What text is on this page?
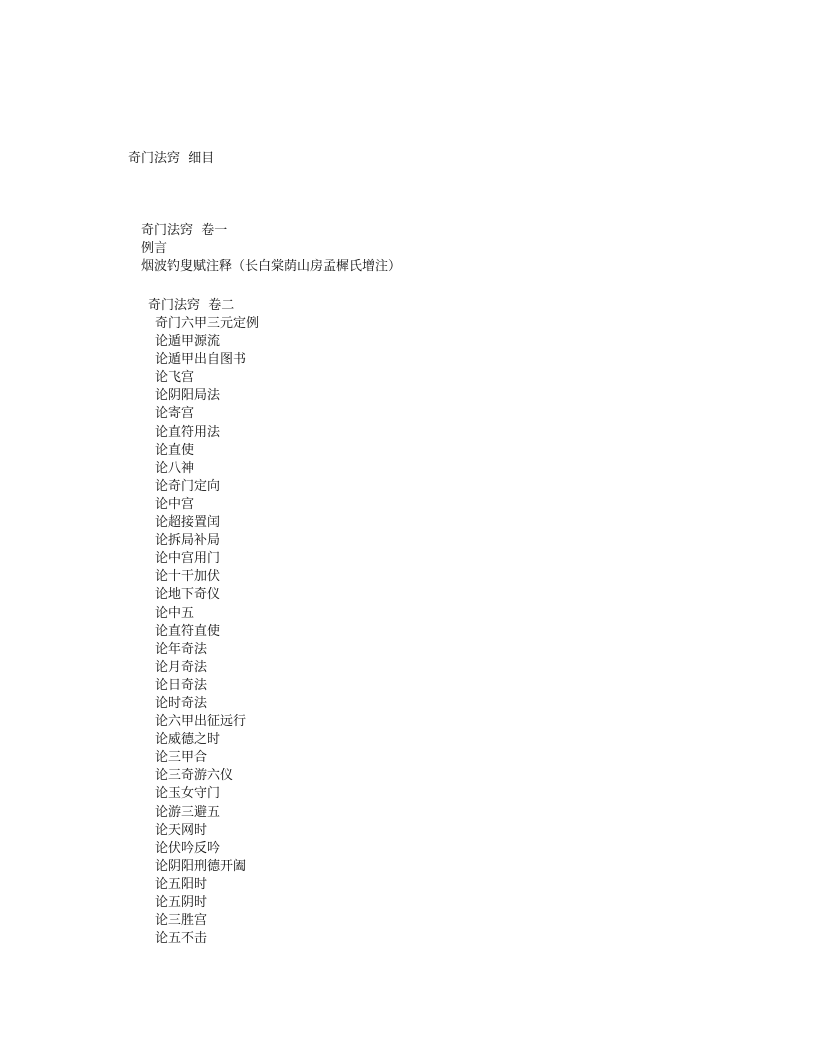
奇门法窍  细目
奇门法窍  卷一
例言
烟波钓叟赋注释（长白棠荫山房孟樨氏增注）
奇门法窍  卷二
奇门六甲三元定例
论遁甲源流
论遁甲出自图书
论飞宫
论阴阳局法
论寄宫
论直符用法
论直使
论八神
论奇门定向
论中宫
论超接置闰
论拆局补局
论中宫用门
论十干加伏
论地下奇仪
论中五
论直符直使
论年奇法
论月奇法
论日奇法
论时奇法
论六甲出征远行
论威德之时
论三甲合
论三奇游六仪
论玉女守门
论游三避五
论天网时
论伏吟反吟
论阴阳刑德开阖
论五阳时
论五阴时
论三胜宫
论五不击
